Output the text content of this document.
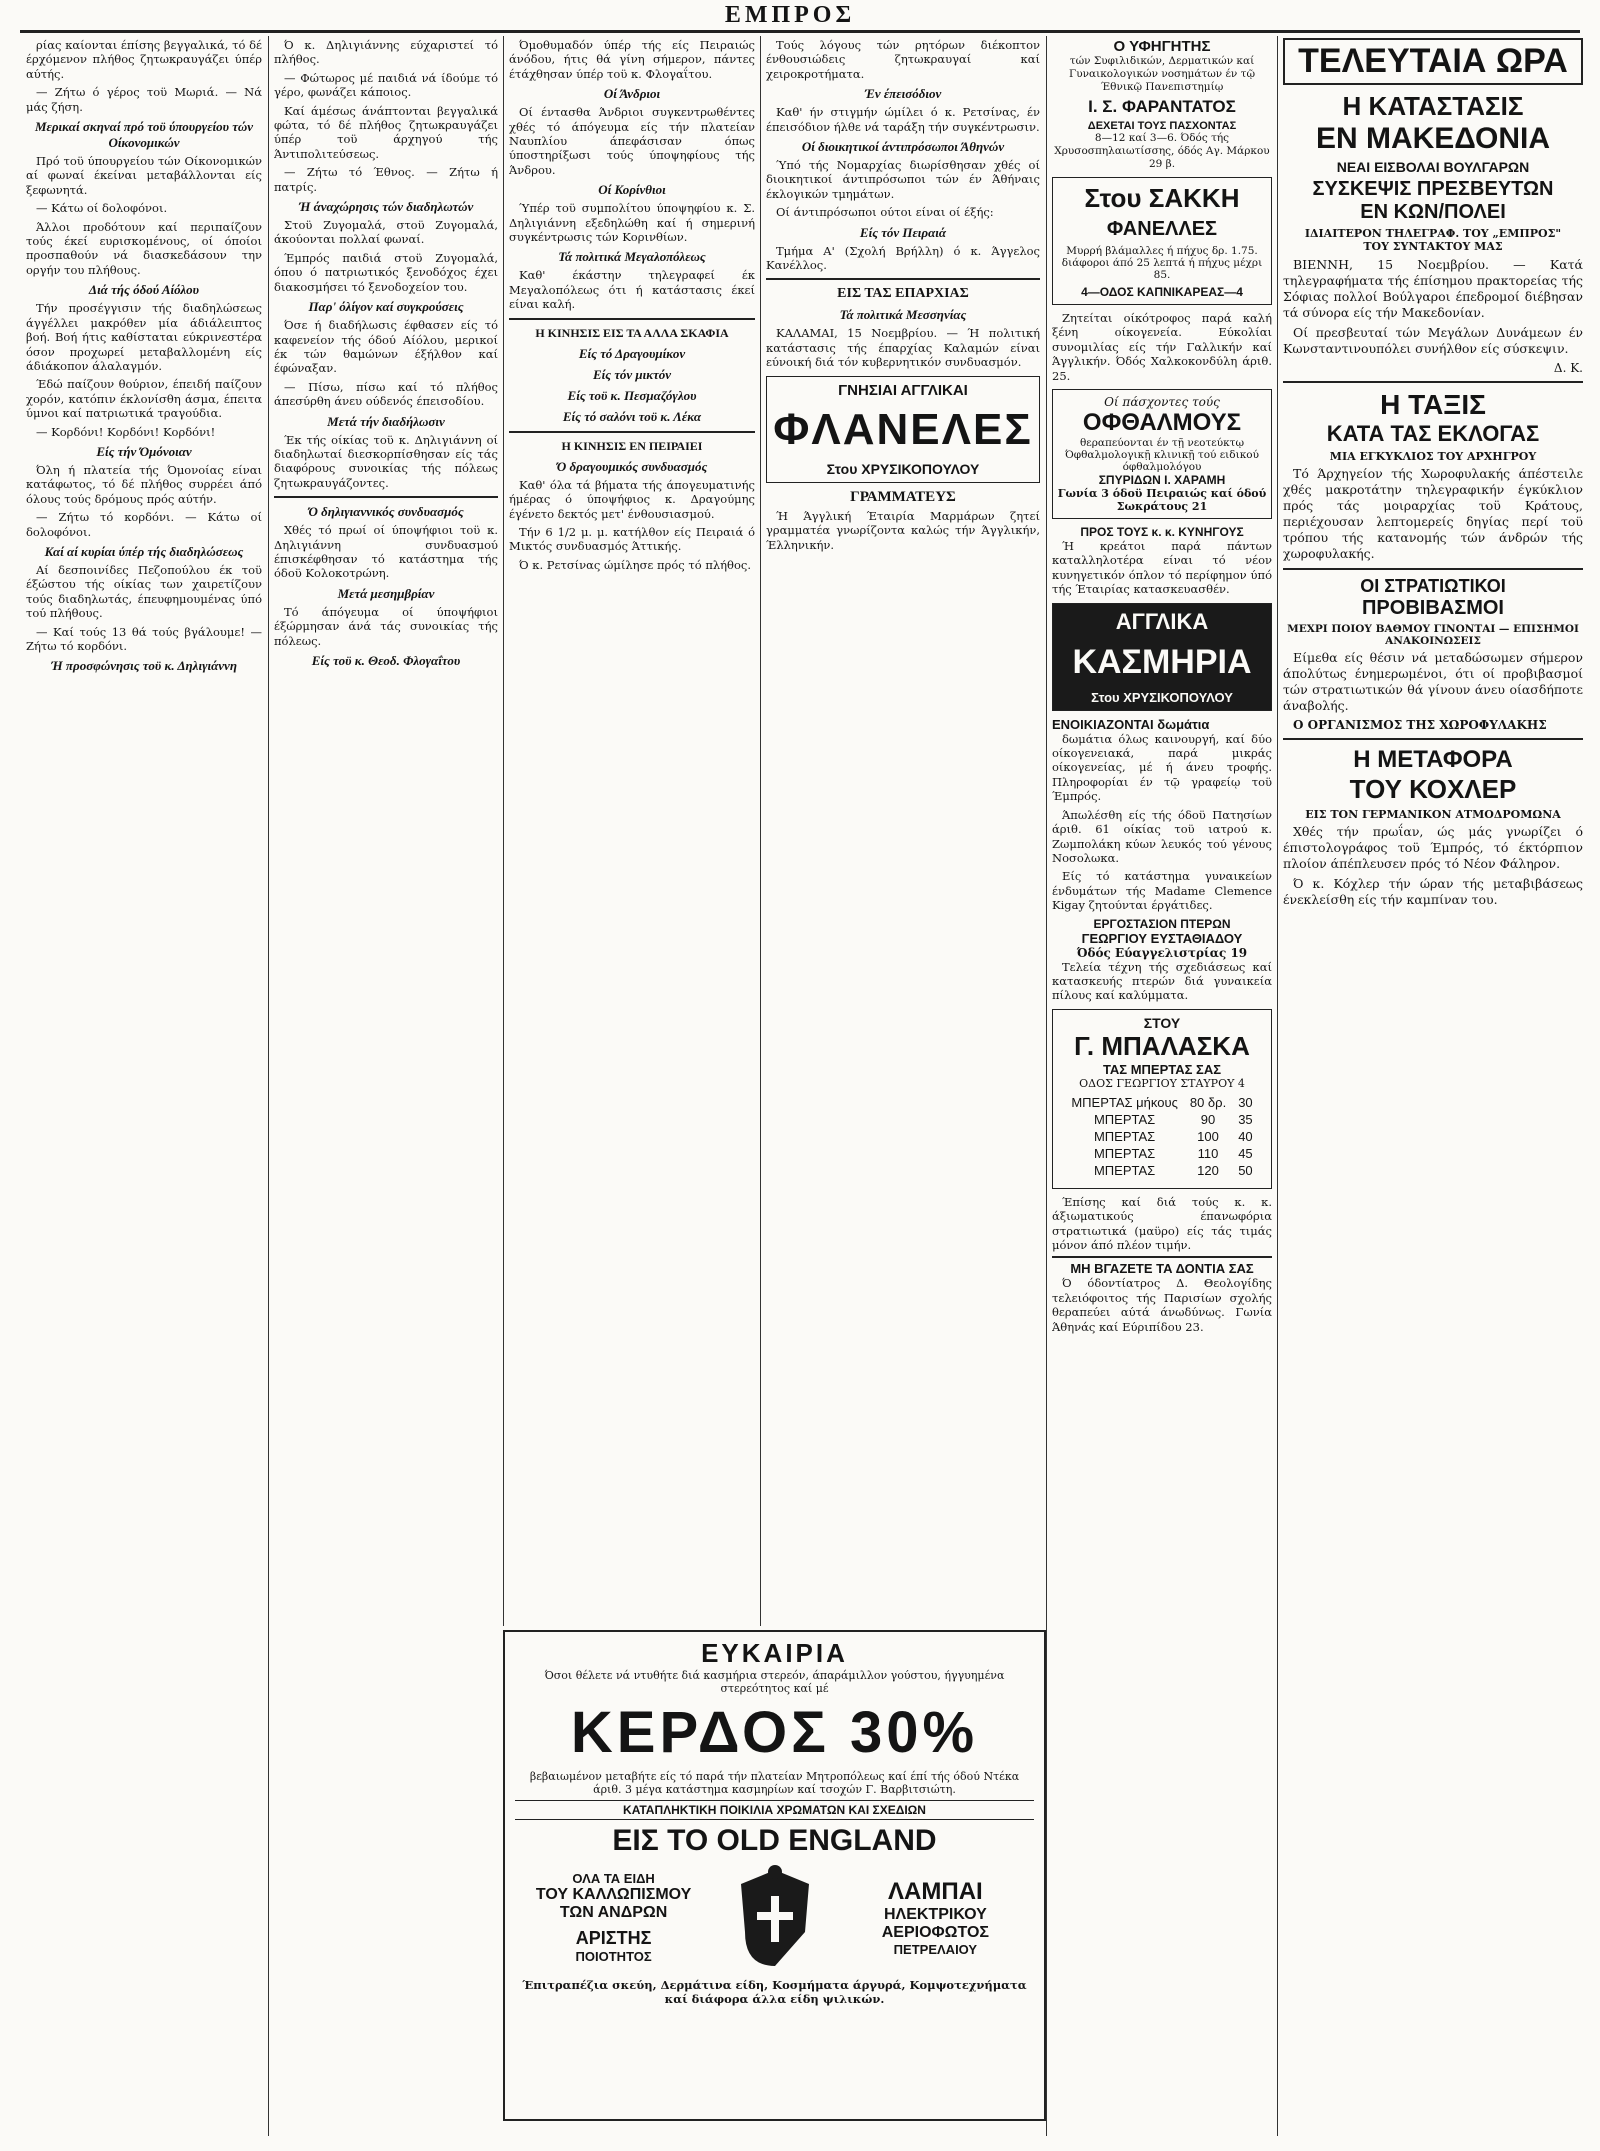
ΕΜΠΡΟΣ

ρίας καίονται έπίσης βεγγαλικά, τό δέ έρχόμενον πλήθος ζητωκραυγάζει ύπέρ αύτής.

— Ζήτω ό γέρος τοϋ Μωριά. — Νά μάς ζήση.

Μερικαί σκηναί πρό τοϋ ύπουργείου τών Οίκονομικών

Πρό τοϋ ύπουργείου τών Οίκονομικών αί φωναί έκείναι μεταβάλλονται είς ξεφωνητά.

— Κάτω οί δολοφόνοι.

Άλλοι προδότουν καί περιπαίζουν τούς έκεί ευρισκομένους, οί όποίοι προσπαθούν νά διασκεδάσουν την οργήν του πλήθους.

Διά τής όδού Αίόλου

Τήν προσέγγισιν τής διαδηλώσεως άγγέλλει μακρόθεν μία άδιάλειπτος βοή. Βοή ήτις καθίσταται εύκρινεστέρα όσον προχωρεί μεταβαλλομένη είς άδιάκοπον άλαλαγμόν.

Έδώ παίζουν θούριον, έπειδή παίζουν χορόν, κατόπιν έκλονίσθη άσμα, έπειτα ύμνοι καί πατριωτικά τραγούδια.

— Κορδόνι! Κορδόνι! Κορδόνι!

Είς τήν Όμόνοιαν

Όλη ή πλατεία τής Όμονοίας είναι κατάφωτος, τό δέ πλήθος συρρέει άπό όλους τούς δρόμους πρός αύτήν.

— Ζήτω τό κορδόνι. — Κάτω οί δολοφόνοι.

Καί αί κυρίαι ύπέρ τής διαδηλώσεως

Αί δεσποινίδες Πεζοπούλου έκ τοϋ έξώστου τής οίκίας των χαιρετίζουν τούς διαδηλωτάς, έπευφημουμένας ύπό τού πλήθους.

— Καί τούς 13 θά τούς βγάλουμε! — Ζήτω τό κορδόνι.

Ή προσφώνησις τοϋ κ. Δηλιγιάννη

Ό κ. Δηλιγιάννης εύχαριστεί τό πλήθος.

— Φώτωρος μέ παιδιά νά ίδούμε τό γέρο, φωνάζει κάποιος.

Καί άμέσως άνάπτονται βεγγαλικά φώτα, τό δέ πλήθος ζητωκραυγάζει ύπέρ τοϋ άρχηγού τής Άντιπολιτεύσεως.

— Ζήτω τό Έθνος. — Ζήτω ή πατρίς.

Ή άναχώρησις τών διαδηλωτών

Στοϋ Ζυγομαλά, στοϋ Ζυγομαλά, άκούονται πολλαί φωναί.

Έμπρός παιδιά στοϋ Ζυγομαλά, όπου ό πατριωτικός ξενοδόχος έχει διακοσμήσει τό ξενοδοχείον του.

Παρ' όλίγον καί συγκρούσεις

Όσε ή διαδήλωσις έφθασεν είς τό καφενείον τής όδού Αίόλου, μερικοί έκ τών θαμώνων έξήλθον καί έφώναξαν.

— Πίσω, πίσω καί τό πλήθος άπεσύρθη άνευ ούδενός έπεισοδίου.

Μετά τήν διαδήλωσιν

Έκ τής οίκίας τοϋ κ. Δηλιγιάννη οί διαδηλωταί διεσκορπίσθησαν είς τάς διαφόρους συνοικίας τής πόλεως ζητωκραυγάζοντες.

Ό δηλιγιαννικός συνδυασμός

Χθές τό πρωί οί ύποψήφιοι τοϋ κ. Δηλιγιάννη συνδυασμού έπισκέφθησαν τό κατάστημα τής όδοϋ Κολοκοτρώνη.

Μετά μεσημβρίαν

Τό άπόγευμα οί ύποψήφιοι έξώρμησαν άνά τάς συνοικίας τής πόλεως.

Είς τοϋ κ. Θεοδ. Φλογαΐτου

Όμοθυμαδόν ύπέρ τής είς Πειραιώς άνόδου, ήτις θά γίνη σήμερον, πάντες έτάχθησαν ύπέρ τοϋ κ. Φλογαΐτου.

Οί Άνδριοι

Οί έντασθα Άνδριοι συγκεντρωθέντες χθές τό άπόγευμα είς τήν πλατείαν Ναυπλίου άπεφάσισαν όπως ύποστηρίξωσι τούς ύποψηφίους τής Άνδρου.

Οί Κορίνθιοι

Ύπέρ τοϋ συμπολίτου ύποψηφίου κ. Σ. Δηλιγιάννη εξεδηλώθη καί ή σημερινή συγκέντρωσις τών Κορινθίων.

Τά πολιτικά Μεγαλοπόλεως

Καθ' έκάστην τηλεγραφεί έκ Μεγαλοπόλεως ότι ή κατάστασις έκεί είναι καλή.

Η ΚΙΝΗΣΙΣ ΕΙΣ ΤΑ ΑΛΛΑ ΣΚΑΦΙΑ
Είς τό Δραγουμίκον
Είς τόν μικτόν
Είς τοϋ κ. Πεσμαζόγλου
Είς τό σαλόνι τοϋ κ. Λέκα
Η ΚΙΝΗΣΙΣ ΕΝ ΠΕΙΡΑΙΕΙ
Ό δραγουμικός συνδυασμός

Καθ' όλα τά βήματα τής άπογευματινής ήμέρας ό ύποψήφιος κ. Δραγούμης έγένετο δεκτός μετ' ένθουσιασμού.

Τήν 6 1/2 μ. μ. κατήλθον είς Πειραιά ό Μικτός συνδυασμός Άττικής.

Ό κ. Ρετσίνας ώμίλησε πρός τό πλήθος.

Τούς λόγους τών ρητόρων διέκοπτον ένθουσιώδεις ζητωκραυγαί καί χειροκροτήματα.

Έν έπεισόδιον

Καθ' ήν στιγμήν ώμίλει ό κ. Ρετσίνας, έν έπεισόδιον ήλθε νά ταράξη τήν συγκέντρωσιν.

Οί διοικητικοί άντιπρόσωποι Άθηνών

Ύπό τής Νομαρχίας διωρίσθησαν χθές οί διοικητικοί άντιπρόσωποι τών έν Άθήναις έκλογικών τμημάτων.

Οί άντιπρόσωποι ούτοι είναι οί έξής:

Είς τόν Πειραιά

Τμήμα Α' (Σχολή Βρήλλη) ό κ. Άγγελος Κανέλλος.

ΕΙΣ ΤΑΣ ΕΠΑΡΧΙΑΣ
Τά πολιτικά Μεσσηνίας

ΚΑΛΑΜΑΙ, 15 Νοεμβρίου. — Ή πολιτική κατάστασις τής έπαρχίας Καλαμών είναι εύνοική διά τόν κυβερνητικόν συνδυασμόν.

ΓΝΗΣΙΑΙ ΑΓΓΛΙΚΑΙ
ΦΛΑΝΕΛΕΣ
Στου ΧΡΥΣΙΚΟΠΟΥΛΟΥ
ΓΡΑΜΜΑΤΕΥΣ

Ή Άγγλική Έταιρία Μαρμάρων ζητεί γραμματέα γνωρίζοντα καλώς τήν Άγγλικήν, Έλληνικήν.

Ο ΥΦΗΓΗΤΗΣ
τών Συφιλιδικών, Δερματικών καί Γυναικολογικών νοσημάτων έν τῷ Έθνικῷ Πανεπιστημίῳ
Ι. Σ. ΦΑΡΑΝΤΑΤΟΣ
ΔΕΧΕΤΑΙ ΤΟΥΣ ΠΑΣΧΟΝΤΑΣ
8—12 καί 3—6. Όδός τής Χρυσοσπηλαιωτίσσης, όδός Αγ. Μάρκου 29 β.
Στου ΣΑΚΚΗ
ΦΑΝΕΛΛΕΣ
Μυρρή βλάμαλλες ή πήχυς δρ. 1.75.
διάφοροι άπό 25 λεπτά ή πήχυς μέχρι 85.
4—ΟΔΟΣ ΚΑΠΝΙΚΑΡΕΑΣ—4

Ζητείται οίκότροφος παρά καλή ξένη οίκογενεία. Εύκολίαι συνομιλίας είς τήν Γαλλικήν καί Άγγλικήν. Όδός Χαλκοκονδύλη άριθ. 25.

Οί πάσχοντες τούς
ΟΦΘΑΛΜΟΥΣ
θεραπεύονται έν τῇ νεοτεύκτῳ Όφθαλμολογικῇ κλινικῇ τού ειδικού όφθαλμολόγου
ΣΠΥΡΙΔΩΝ Ι. ΧΑΡΑΜΗ
Γωνία 3 όδοϋ Πειραιώς καί όδού Σωκράτους 21
ΠΡΟΣ ΤΟΥΣ κ. κ. ΚΥΝΗΓΟΥΣ

Ή κρεάτοι παρά πάντων καταλληλοτέρα είναι τό νέον κυνηγετικόν όπλον τό περίφημον ύπό τής Έταιρίας κατασκευασθέν.

ΑΓΓΛΙΚΑ
ΚΑΣΜΗΡΙΑ
Στου ΧΡΥΣΙΚΟΠΟΥΛΟΥ
ΕΝΟΙΚΙΑΖΟΝΤΑΙ δωμάτια

δωμάτια όλως καινουργή, καί δύο οίκογενειακά, παρά μικράς οίκογενείας, μέ ή άνευ τροφής. Πληροφορίαι έν τῷ γραφείῳ τοϋ Έμπρός.

Άπωλέσθη είς τής όδοϋ Πατησίων άριθ. 61 οίκίας τοϋ ιατρού κ. Ζωμπολάκη κύων λευκός τού γένους Νοσολωκα.

Είς τό κατάστημα γυναικείων ένδυμάτων τής Madame Clemence Kigay ζητούνται έργάτιδες.

ΕΡΓΟΣΤΑΣΙΟΝ ΠΤΕΡΩΝ
ΓΕΩΡΓΙΟΥ ΕΥΣΤΑΘΙΑΔΟΥ
Όδός Εύαγγελιστρίας 19

Τελεία τέχνη τής σχεδιάσεως καί κατασκευής πτερών διά γυναικεία πίλους καί καλύμματα.

ΣΤΟΥ
Γ. ΜΠΑΛΑΣΚΑ
ΤΑΣ ΜΠΕΡΤΑΣ ΣΑΣ
ΟΔΟΣ ΓΕΩΡΓΙΟΥ ΣΤΑΥΡΟΥ 4
ΜΠΕΡΤΑΣ μήκους	80 δρ.	30
ΜΠΕΡΤΑΣ	90	35
ΜΠΕΡΤΑΣ	100	40
ΜΠΕΡΤΑΣ	110	45
ΜΠΕΡΤΑΣ	120	50

Έπίσης καί διά τούς κ. κ. άξιωματικούς έπανωφόρια στρατιωτικά (μαϋρο) είς τάς τιμάς μόνον άπό πλέον τιμήν.

ΜΗ ΒΓΑΖΕΤΕ ΤΑ ΔΟΝΤΙΑ ΣΑΣ

Ό όδοντίατρος Δ. Θεολογίδης τελειόφοιτος τής Παρισίων σχολής θεραπεύει αύτά άνωδύνως. Γωνία Άθηνάς καί Εύριπίδου 23.

ΤΕΛΕΥΤΑΙΑ ΩΡΑ
Η ΚΑΤΑΣΤΑΣΙΣ
ΕΝ ΜΑΚΕΔΟΝΙΑ
ΝΕΑΙ ΕΙΣΒΟΛΑΙ ΒΟΥΛΓΑΡΩΝ
ΣΥΣΚΕΨΙΣ ΠΡΕΣΒΕΥΤΩΝ
ΕΝ ΚΩΝ/ΠΟΛΕΙ
ΙΔΙΑΙΤΕΡΟΝ ΤΗΛΕΓΡΑΦ. ΤΟΥ „ΕΜΠΡΟΣ"
ΤΟΥ ΣΥΝΤΑΚΤΟΥ ΜΑΣ

ΒΙΕΝΝΗ, 15 Νοεμβρίου. — Κατά τηλεγραφήματα τής έπίσημου πρακτορείας τής Σόφιας πολλοί Βούλγαροι έπεδρομοί διέβησαν τά σύνορα είς τήν Μακεδονίαν.

Οί πρεσβευταί τών Μεγάλων Δυνάμεων έν Κωνσταντινουπόλει συνήλθον είς σύσκεψιν.

Δ. Κ.
Η ΤΑΞΙΣ
ΚΑΤΑ ΤΑΣ ΕΚΛΟΓΑΣ
ΜΙΑ ΕΓΚΥΚΛΙΟΣ ΤΟΥ ΑΡΧΗΓΡΟΥ

Τό Άρχηγείον τής Χωροφυλακής άπέστειλε χθές μακροτάτην τηλεγραφικήν έγκύκλιον πρός τάς μοιραρχίας τοϋ Κράτους, περιέχουσαν λεπτομερείς δηγίας περί τοϋ τρόπου τής κατανομής τών άνδρών τής χωροφυλακής.

ΟΙ ΣΤΡΑΤΙΩΤΙΚΟΙ
ΠΡΟΒΙΒΑΣΜΟΙ
ΜΕΧΡΙ ΠΟΙΟΥ ΒΑΘΜΟΥ ΓΙΝΟΝΤΑΙ — ΕΠΙΣΗΜΟΙ ΑΝΑΚΟΙΝΩΣΕΙΣ

Είμεθα είς θέσιν νά μεταδώσωμεν σήμερον άπολύτως ένημερωμένοι, ότι οί προβιβασμοί τών στρατιωτικών θά γίνουν άνευ οίασδήποτε άναβολής.

Ο ΟΡΓΑΝΙΣΜΟΣ ΤΗΣ ΧΩΡΟΦΥΛΑΚΗΣ

Η ΜΕΤΑΦΟΡΑ
ΤΟΥ ΚΟΧΛΕΡ
ΕΙΣ ΤΟΝ ΓΕΡΜΑΝΙΚΟΝ ΑΤΜΟΔΡΟΜΩΝΑ

Χθές τήν πρωΐαν, ώς μάς γνωρίζει ό έπιστολογράφος τοϋ Έμπρός, τό έκτόρπιον πλοίον άπέπλευσεν πρός τό Νέον Φάληρον.

Ό κ. Κόχλερ τήν ώραν τής μεταβιβάσεως ένεκλείσθη είς τήν καμπίναν του.

ΕΥΚΑΙΡΙΑ
Όσοι θέλετε νά ντυθήτε διά κασμήρια στερεόν, άπαράμιλλον γούστου, ήγγυημένα στερεότητος καί μέ
ΚΕΡΔΟΣ 30%
βεβαιωμένον μεταβήτε είς τό παρά τήν πλατείαν Μητροπόλεως καί έπί τής όδού Ντέκα άριθ. 3 μέγα κατάστημα κασμηρίων καί τσοχών Γ. Βαρβιτσιώτη.
ΚΑΤΑΠΛΗΚΤΙΚΗ ΠΟΙΚΙΛΙΑ ΧΡΩΜΑΤΩΝ ΚΑΙ ΣΧΕΔΙΩΝ
ΕΙΣ ΤΟ OLD ENGLAND
ΟΛΑ ΤΑ ΕΙΔΗ
ΤΟΥ ΚΑΛΛΩΠΙΣΜΟΥ
ΤΩΝ ΑΝΔΡΩΝ
ΑΡΙΣΤΗΣ
ΠΟΙΟΤΗΤΟΣ
ΛΑΜΠΑΙ
ΗΛΕΚΤΡΙΚΟΥ
ΑΕΡΙΟΦΩΤΟΣ
ΠΕΤΡΕΛΑΙΟΥ
Έπιτραπέζια σκεύη, Δερμάτινα είδη, Κοσμήματα άργυρά, Κομψοτεχνήματα καί διάφορα άλλα είδη ψιλικών.
